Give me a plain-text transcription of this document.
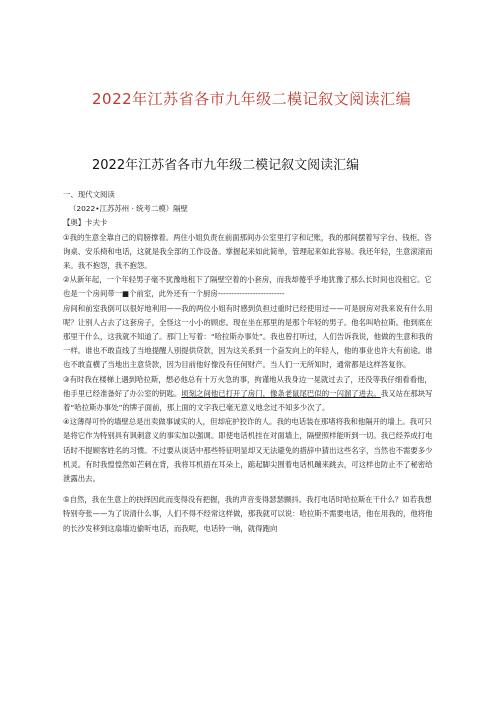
2022年江苏省各市九年级二模记叙文阅读汇编
2022年江苏省各市九年级二模记叙文阅读汇编

一、现代文阅读

（2022•江苏苏州 · 统考二模）隔壁

【奥】卡夫卡

①我的生意全靠自己的肩膀撑着。两住小姐负责在前面那间办公室里打字和记账，我的那间摆着写字台、钱柜、咨询桌、安乐椅和电话，这就是我全部的工作设备。掌握起来如此简单，管理起来如此容易。我还年轻，生意滚滚而来。我不抱怨，我不抱怨。

②从新年起，一个年轻男子毫不犹豫地租下了隔壁空着的小套房，而我却傻乎乎地犹豫了那么长时间也没租它。它也是一个房间带一■个前室，此外还有一个厨房-------------------------
房间和前室我倒可以很好地利用——我的两位小姐有时感到负担过重时已经使用过——可是厨房对我来说有什么用呢？让别人占去了这套房子，全怪这一小小的顾虑。现在坐在那里的是那个年轻的男子。他名叫哈拉斯。他到底在那里干什么，这我就不知道了。那门上写着：“哈拉斯办事处”。我也曾打听过，人们告诉我说，他做的生意和我的一样。谁也不敢直线了当地提醒人别提供贷款，因为这关系到一个奋发向上的年轻人，他的事业也许大有前途。谁也不敢直横了当地出主意贷款，因为目前他好像没有任何财产。当人们一无所知时，通常都是这样答复你。

③有时我在楼梯上遇到哈拉斯，想必他总有十万火急的事，拘谨地从我身边一晃就过去了，还没等我仔细看看他，他手里已经准备好了办公室的钥匙。顷刻之间他已打开了房门，像条老鼠尾巴似的一闪溜了进去。我又站在那块写着“哈拉斯办事处”的牌子面前，那上面的文字我已毫无意义地念过不知多少次了。

④这薄得可怜的墙壁总是出卖做事诚实的人，但却庇护狡诈的人。我的电话装在那堵将我和他隔开的墙上。我可只是将它作为特别具有讽刺意义的事实加以强调。即使电话机挂在对面墙上，隔壁照样能听到一切。我已经养成打电话时不提顾客姓名的习惯。不过要从谈话中那些特征明显却又无法避免的措辞中猜出这些名字，当然也不需要多少机灵。有时我惶惶然如芒刺在背，我将耳机捂在耳朵上，踮起脚尖围着电话机蹦来跳去，可这样也防止不了秘密给泄露出去。

⑤自然，我在生意上的抉择因此而变得没有把握，我的声音变得瑟瑟颤抖。我打电话时哈拉斯在干什么？如若我想特别夸张——为了说清什么事，人们不得不经常这样做，那我就可以说：哈拉斯不需要电话，他在用我的，他将他的长沙发移到这扇墙边偷听电话，而我呢，电话铃一响，就得跑向
